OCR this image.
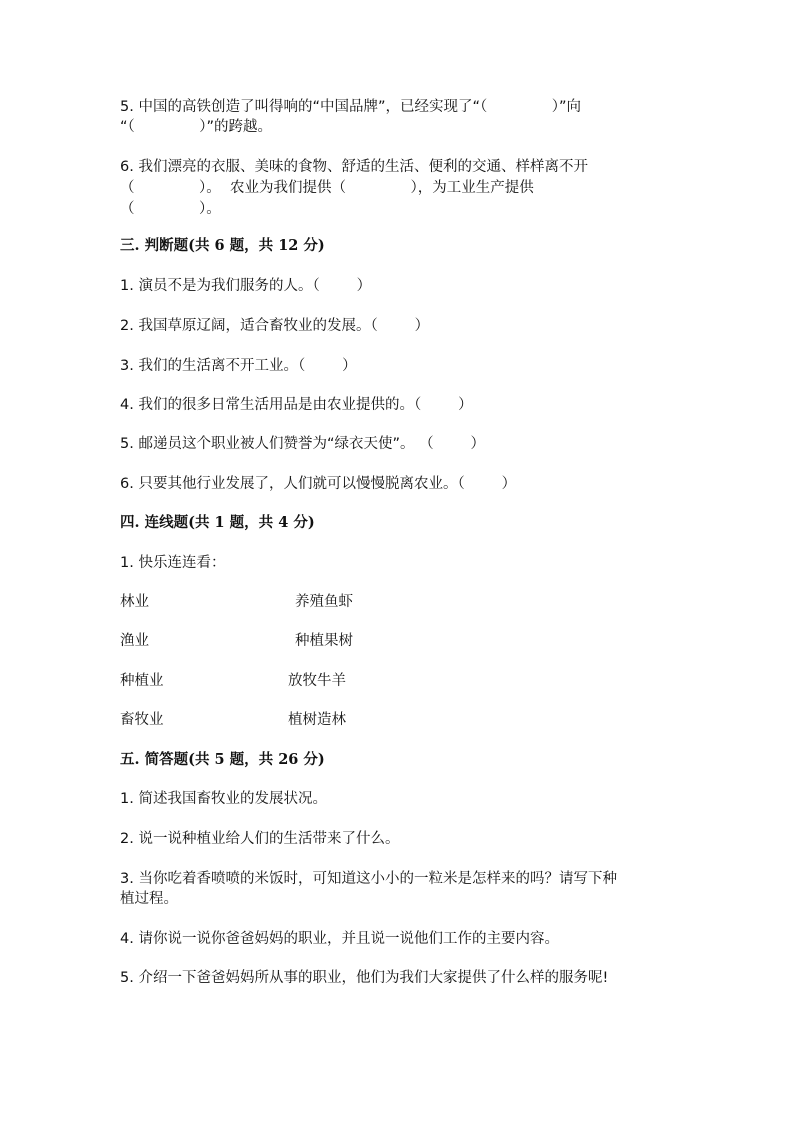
5. 中国的高铁创造了叫得响的“中国品牌”，已经实现了“（              ）”向
“（              ）”的跨越。
6. 我们漂亮的衣服、美味的食物、舒适的生活、便利的交通、样样离不开
（              ）。  农业为我们提供（              ），为工业生产提供
（              ）。
三. 判断题(共 6 题，共 12 分)
1. 演员不是为我们服务的人。（        ）
2. 我国草原辽阔，适合畜牧业的发展。（        ）
3. 我们的生活离不开工业。（        ）
4. 我们的很多日常生活用品是由农业提供的。（        ）
5. 邮递员这个职业被人们赞誉为“绿衣天使”。 （        ）
6. 只要其他行业发展了，人们就可以慢慢脱离农业。（        ）
四. 连线题(共 1 题，共 4 分)
1. 快乐连连看：
林业	养殖鱼虾
渔业	种植果树
种植业	放牧牛羊
畜牧业	植树造林
五. 简答题(共 5 题，共 26 分)
1. 简述我国畜牧业的发展状况。
2. 说一说种植业给人们的生活带来了什么。
3. 当你吃着香喷喷的米饭时，可知道这小小的一粒米是怎样来的吗？请写下种
植过程。
4. 请你说一说你爸爸妈妈的职业，并且说一说他们工作的主要内容。
5. 介绍一下爸爸妈妈所从事的职业，他们为我们大家提供了什么样的服务呢!
